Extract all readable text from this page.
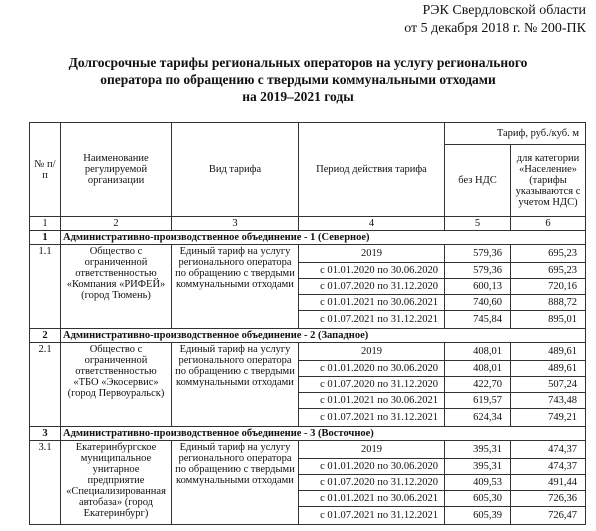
РЭК Свердловской области
от 5 декабря 2018 г. № 200-ПК
Долгосрочные тарифы региональных операторов на услугу регионального
оператора по обращению с твердыми коммунальными отходами
на 2019–2021 годы
№ п/п	Наименование регулируемой организации	Вид тарифа	Период действия тарифа	Тариф, руб./куб. м	
				без НДС	для категории «Население» (тарифы указываются с учетом НДС)
1	2	3	4	5	6
1	Административно-производственное объединение - 1 (Северное)				
1.1	Общество с ограниченной ответственностью «Компания «РИФЕЙ» (город Тюмень)	Единый тариф на услугу регионального оператора по обращению с твердыми коммунальными отходами	2019	579,36	695,23
			с 01.01.2020 по 30.06.2020	579,36	695,23
			с 01.07.2020 по 31.12.2020	600,13	720,16
			с 01.01.2021 по 30.06.2021	740,60	888,72
			с 01.07.2021 по 31.12.2021	745,84	895,01
2	Административно-производственное объединение - 2 (Западное)				
2.1	Общество с ограниченной ответственностью «ТБО «Экосервис» (город Первоуральск)	Единый тариф на услугу регионального оператора по обращению с твердыми коммунальными отходами	2019	408,01	489,61
			с 01.01.2020 по 30.06.2020	408,01	489,61
			с 01.07.2020 по 31.12.2020	422,70	507,24
			с 01.01.2021 по 30.06.2021	619,57	743,48
			с 01.07.2021 по 31.12.2021	624,34	749,21
3	Административно-производственное объединение - 3 (Восточное)				
3.1	Екатеринбургское муниципальное унитарное предприятие «Специализированная автобаза» (город Екатеринбург)	Единый тариф на услугу регионального оператора по обращению с твердыми коммунальными отходами	2019	395,31	474,37
			с 01.01.2020 по 30.06.2020	395,31	474,37
			с 01.07.2020 по 31.12.2020	409,53	491,44
			с 01.01.2021 по 30.06.2021	605,30	726,36
			с 01.07.2021 по 31.12.2021	605,39	726,47
